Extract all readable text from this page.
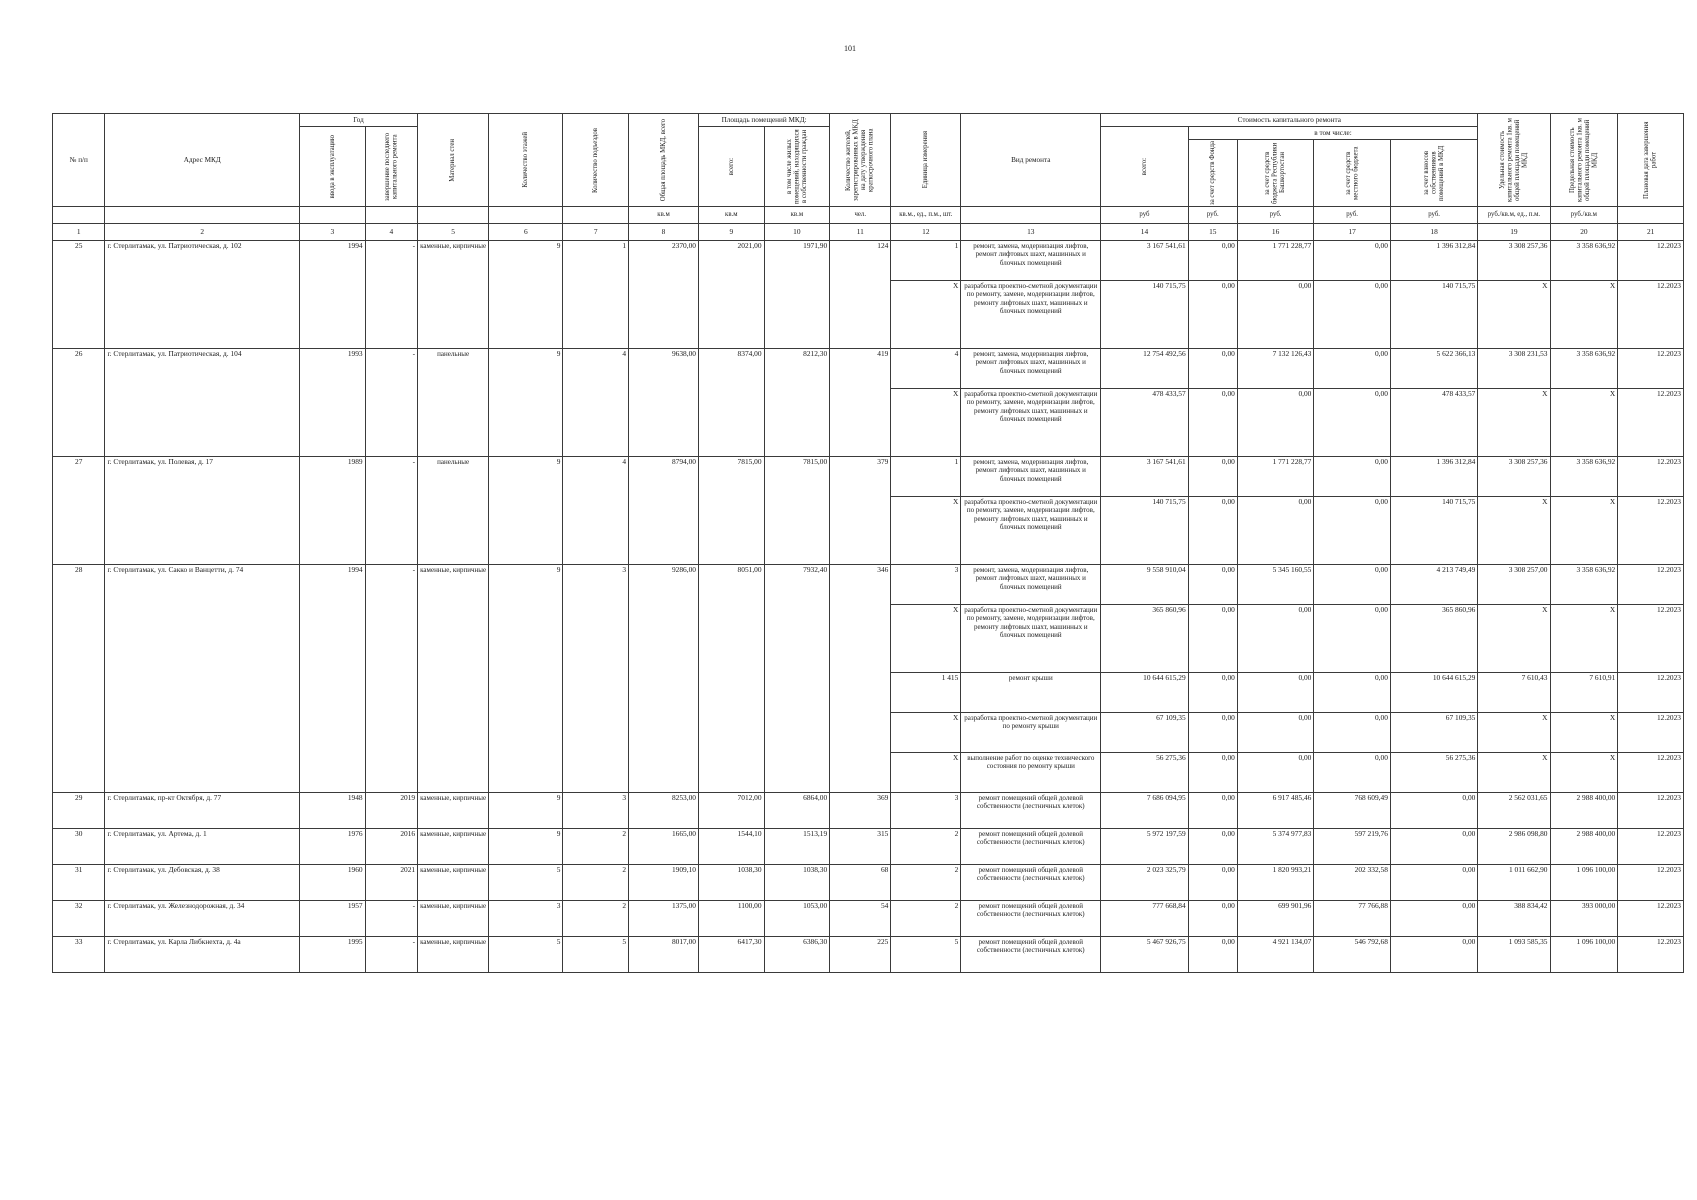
101
№ п/п	Адрес МКД	Год		Материал стен	Количество этажей	Количество подъездов	Общая площадь МКД, всего	Площадь помещений МКД:		Количество жителей, зарегистрированных в МКД на дату утверждения краткосрочного плана	Единица измерения	Вид ремонта	Стоимость капитального ремонта					Удельная стоимость капитального ремонта 1кв. м общей площади помещений МКД	Предельная стоимость капитального ремонта 1кв. м общей площади помещений МКД	Плановая дата завершения работ

		ввода в эксплуатацию	завершение последнего капитального ремонта					всего:	в том числе жилых помещений, находящихся в собственности граждан				всего:	в том числе:						

														за счет средств Фонда	за счет средств бюджета Республики Башкортостан	за счет средств местного бюджета	за счет взносов собственников помещений в МКД			

							кв.м	кв.м	кв.м	чел.	кв.м., ед., п.м., шт.		руб	руб.	руб.	руб.	руб.	руб./кв.м, ед., п.м.	руб./кв.м	
1	2	3	4	5	6	7	8	9	10	11	12	13	14	15	16	17	18	19	20	21
25	г. Стерлитамак, ул. Патриотическая, д. 102	1994	-	каменные, кирпичные	9	1	2370,00	2021,00	1971,90	124	1	ремонт, замена, модернизация лифтов, ремонт лифтовых шахт, машинных и блочных помещений	3 167 541,61	0,00	1 771 228,77	0,00	1 396 312,84	3 308 257,36	3 358 636,92	12.2023
											X	разработка проектно-сметной документации по ремонту, замене, модернизации лифтов, ремонту лифтовых шахт, машинных и блочных помещений	140 715,75	0,00	0,00	0,00	140 715,75	X	X	12.2023
26	г. Стерлитамак, ул. Патриотическая, д. 104	1993	-	панельные	9	4	9638,00	8374,00	8212,30	419	4	ремонт, замена, модернизация лифтов, ремонт лифтовых шахт, машинных и блочных помещений	12 754 492,56	0,00	7 132 126,43	0,00	5 622 366,13	3 308 231,53	3 358 636,92	12.2023
											X	разработка проектно-сметной документации по ремонту, замене, модернизации лифтов, ремонту лифтовых шахт, машинных и блочных помещений	478 433,57	0,00	0,00	0,00	478 433,57	X	X	12.2023
27	г. Стерлитамак, ул. Полевая, д. 17	1989	-	панельные	9	4	8794,00	7815,00	7815,00	379	1	ремонт, замена, модернизация лифтов, ремонт лифтовых шахт, машинных и блочных помещений	3 167 541,61	0,00	1 771 228,77	0,00	1 396 312,84	3 308 257,36	3 358 636,92	12.2023
											X	разработка проектно-сметной документации по ремонту, замене, модернизации лифтов, ремонту лифтовых шахт, машинных и блочных помещений	140 715,75	0,00	0,00	0,00	140 715,75	X	X	12.2023
28	г. Стерлитамак, ул. Сакко и Ванцетти, д. 74	1994	-	каменные, кирпичные	9	3	9286,00	8051,00	7932,40	346	3	ремонт, замена, модернизация лифтов, ремонт лифтовых шахт, машинных и блочных помещений	9 558 910,04	0,00	5 345 160,55	0,00	4 213 749,49	3 308 257,00	3 358 636,92	12.2023
											X	разработка проектно-сметной документации по ремонту, замене, модернизации лифтов, ремонту лифтовых шахт, машинных и блочных помещений	365 860,96	0,00	0,00	0,00	365 860,96	X	X	12.2023
											1 415	ремонт крыши	10 644 615,29	0,00	0,00	0,00	10 644 615,29	7 610,43	7 610,91	12.2023
											X	разработка проектно-сметной документации по ремонту крыши	67 109,35	0,00	0,00	0,00	67 109,35	X	X	12.2023
											X	выполнение работ по оценке технического состояния по ремонту крыши	56 275,36	0,00	0,00	0,00	56 275,36	X	X	12.2023
29	г. Стерлитамак, пр-кт Октября, д. 77	1948	2019	каменные, кирпичные	9	3	8253,00	7012,00	6864,00	369	3	ремонт помещений общей долевой собственности (лестничных клеток)	7 686 094,95	0,00	6 917 485,46	768 609,49	0,00	2 562 031,65	2 988 400,00	12.2023
30	г. Стерлитамак, ул. Артема, д. 1	1976	2016	каменные, кирпичные	9	2	1665,00	1544,10	1513,19	315	2	ремонт помещений общей долевой собственности (лестничных клеток)	5 972 197,59	0,00	5 374 977,83	597 219,76	0,00	2 986 098,80	2 988 400,00	12.2023
31	г. Стерлитамак, ул. Дебовская, д. 38	1960	2021	каменные, кирпичные	5	2	1909,10	1038,30	1038,30	68	2	ремонт помещений общей долевой собственности (лестничных клеток)	2 023 325,79	0,00	1 820 993,21	202 332,58	0,00	1 011 662,90	1 096 100,00	12.2023
32	г. Стерлитамак, ул. Железнодорожная, д. 34	1957	-	каменные, кирпичные	3	2	1375,00	1100,00	1053,00	54	2	ремонт помещений общей долевой собственности (лестничных клеток)	777 668,84	0,00	699 901,96	77 766,88	0,00	388 834,42	393 000,00	12.2023
33	г. Стерлитамак, ул. Карла Либкнехта, д. 4а	1995	-	каменные, кирпичные	5	5	8017,00	6417,30	6386,30	225	5	ремонт помещений общей долевой собственности (лестничных клеток)	5 467 926,75	0,00	4 921 134,07	546 792,68	0,00	1 093 585,35	1 096 100,00	12.2023
